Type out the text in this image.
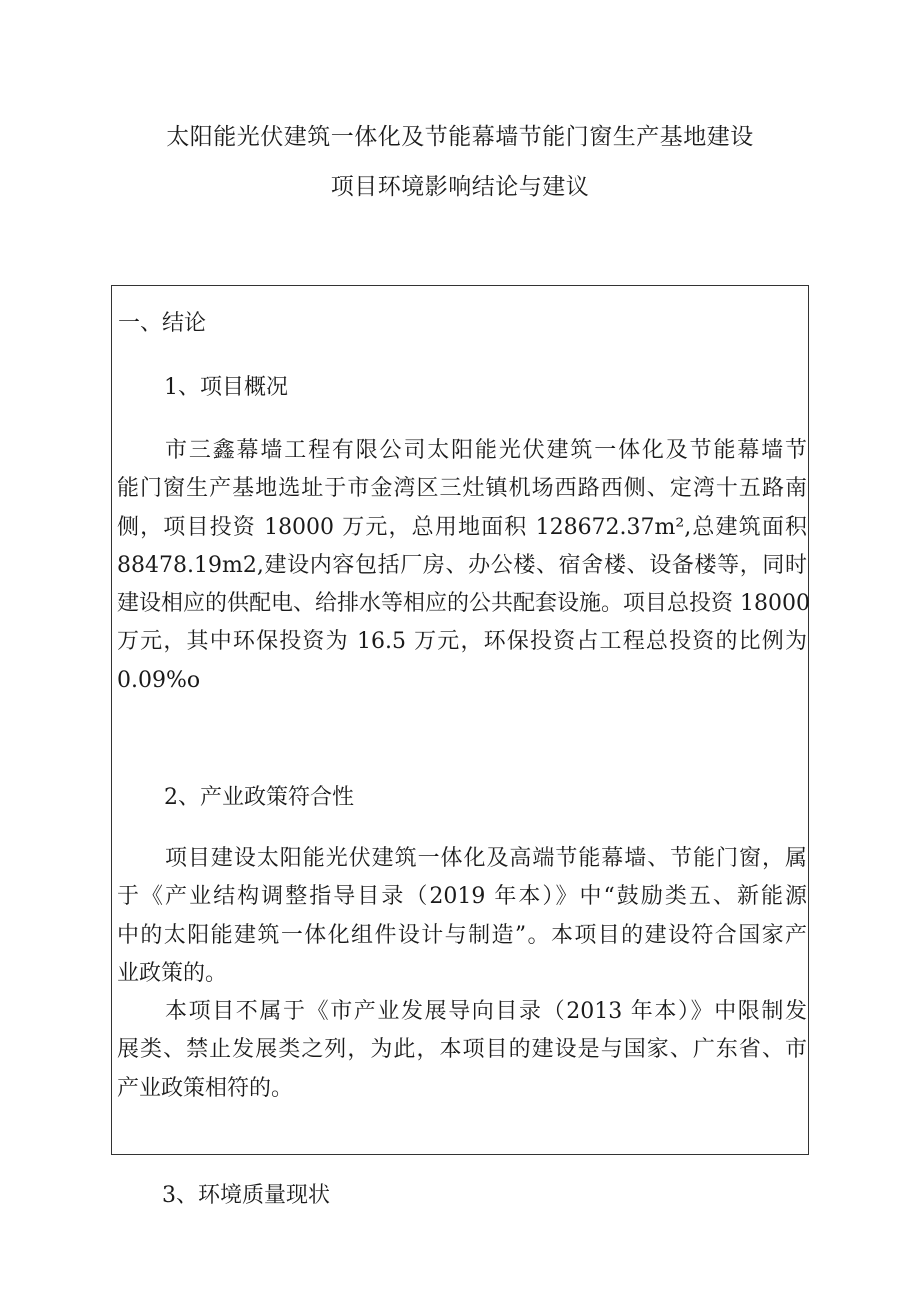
太阳能光伏建筑一体化及节能幕墙节能门窗生产基地建设
项目环境影响结论与建议
一、结论
1、项目概况
市三鑫幕墙工程有限公司太阳能光伏建筑一体化及节能幕墙节
能门窗生产基地选址于市金湾区三灶镇机场西路西侧、定湾十五路南
侧，项目投资 18000 万元，总用地面积 128672.37m²,总建筑面积
88478.19m2,建设内容包括厂房、办公楼、宿舍楼、设备楼等，同时
建设相应的供配电、给排水等相应的公共配套设施。项目总投资 18000
万元，其中环保投资为 16.5 万元，环保投资占工程总投资的比例为
0.09%o
2、产业政策符合性
项目建设太阳能光伏建筑一体化及高端节能幕墙、节能门窗，属
于《产业结构调整指导目录（2019 年本）》中“鼓励类五、新能源
中的太阳能建筑一体化组件设计与制造”。本项目的建设符合国家产
业政策的。
本项目不属于《市产业发展导向目录（2013 年本）》中限制发
展类、禁止发展类之列，为此，本项目的建设是与国家、广东省、市
产业政策相符的。
3、环境质量现状
